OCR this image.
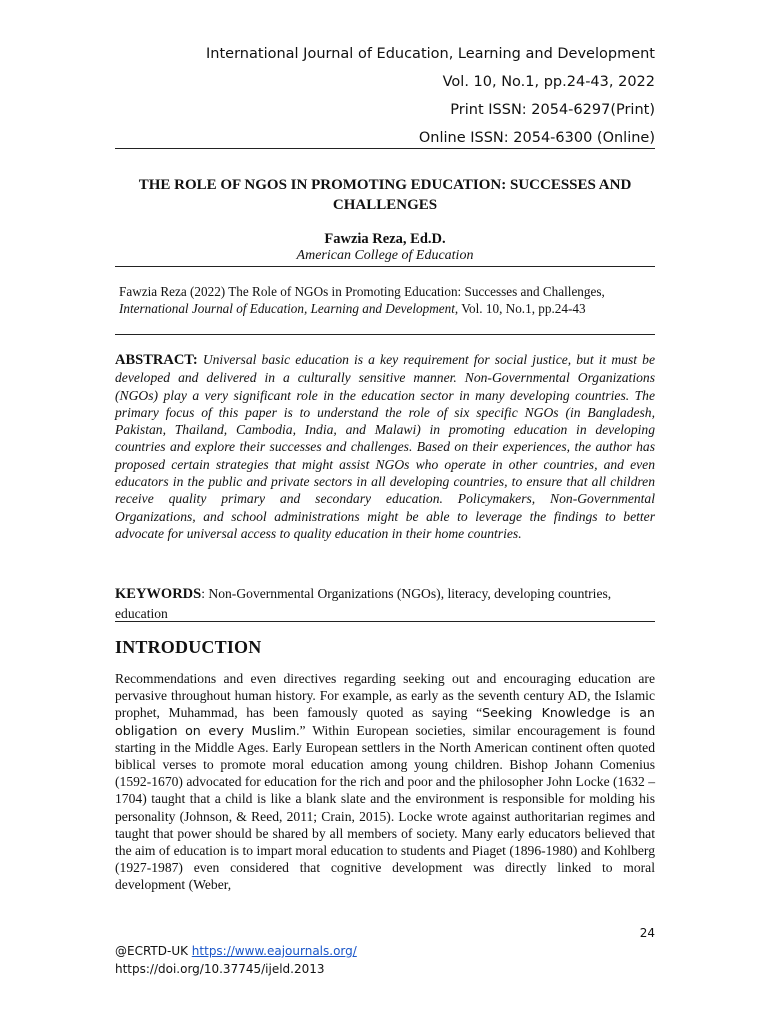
International Journal of Education, Learning and Development
Vol. 10, No.1, pp.24-43, 2022
Print ISSN: 2054-6297(Print)
Online ISSN: 2054-6300 (Online)
THE ROLE OF NGOS IN PROMOTING EDUCATION: SUCCESSES AND
CHALLENGES
Fawzia Reza, Ed.D.
American College of Education
Fawzia Reza (2022) The Role of NGOs in Promoting Education: Successes and Challenges,
International Journal of Education, Learning and Development, Vol. 10, No.1, pp.24-43
ABSTRACT: Universal basic education is a key requirement for social justice, but it must be developed and delivered in a culturally sensitive manner. Non-Governmental Organizations (NGOs) play a very significant role in the education sector in many developing countries. The primary focus of this paper is to understand the role of six specific NGOs (in Bangladesh, Pakistan, Thailand, Cambodia, India, and Malawi) in promoting education in developing countries and explore their successes and challenges. Based on their experiences, the author has proposed certain strategies that might assist NGOs who operate in other countries, and even educators in the public and private sectors in all developing countries, to ensure that all children receive quality primary and secondary education. Policymakers, Non-Governmental Organizations, and school administrations might be able to leverage the findings to better advocate for universal access to quality education in their home countries.
KEYWORDS: Non-Governmental Organizations (NGOs), literacy, developing countries, education
INTRODUCTION
Recommendations and even directives regarding seeking out and encouraging education are pervasive throughout human history. For example, as early as the seventh century AD, the Islamic prophet, Muhammad, has been famously quoted as saying “Seeking Knowledge is an obligation on every Muslim.” Within European societies, similar encouragement is found starting in the Middle Ages. Early European settlers in the North American continent often quoted biblical verses to promote moral education among young children. Bishop Johann Comenius (1592-1670) advocated for education for the rich and poor and the philosopher John Locke (1632 –1704) taught that a child is like a blank slate and the environment is responsible for molding his personality (Johnson, & Reed, 2011; Crain, 2015). Locke wrote against authoritarian regimes and taught that power should be shared by all members of society. Many early educators believed that the aim of education is to impart moral education to students and Piaget (1896-1980) and Kohlberg (1927-1987) even considered that cognitive development was directly linked to moral development (Weber,
24
@ECRTD-UK https://www.eajournals.org/
https://doi.org/10.37745/ijeld.2013
